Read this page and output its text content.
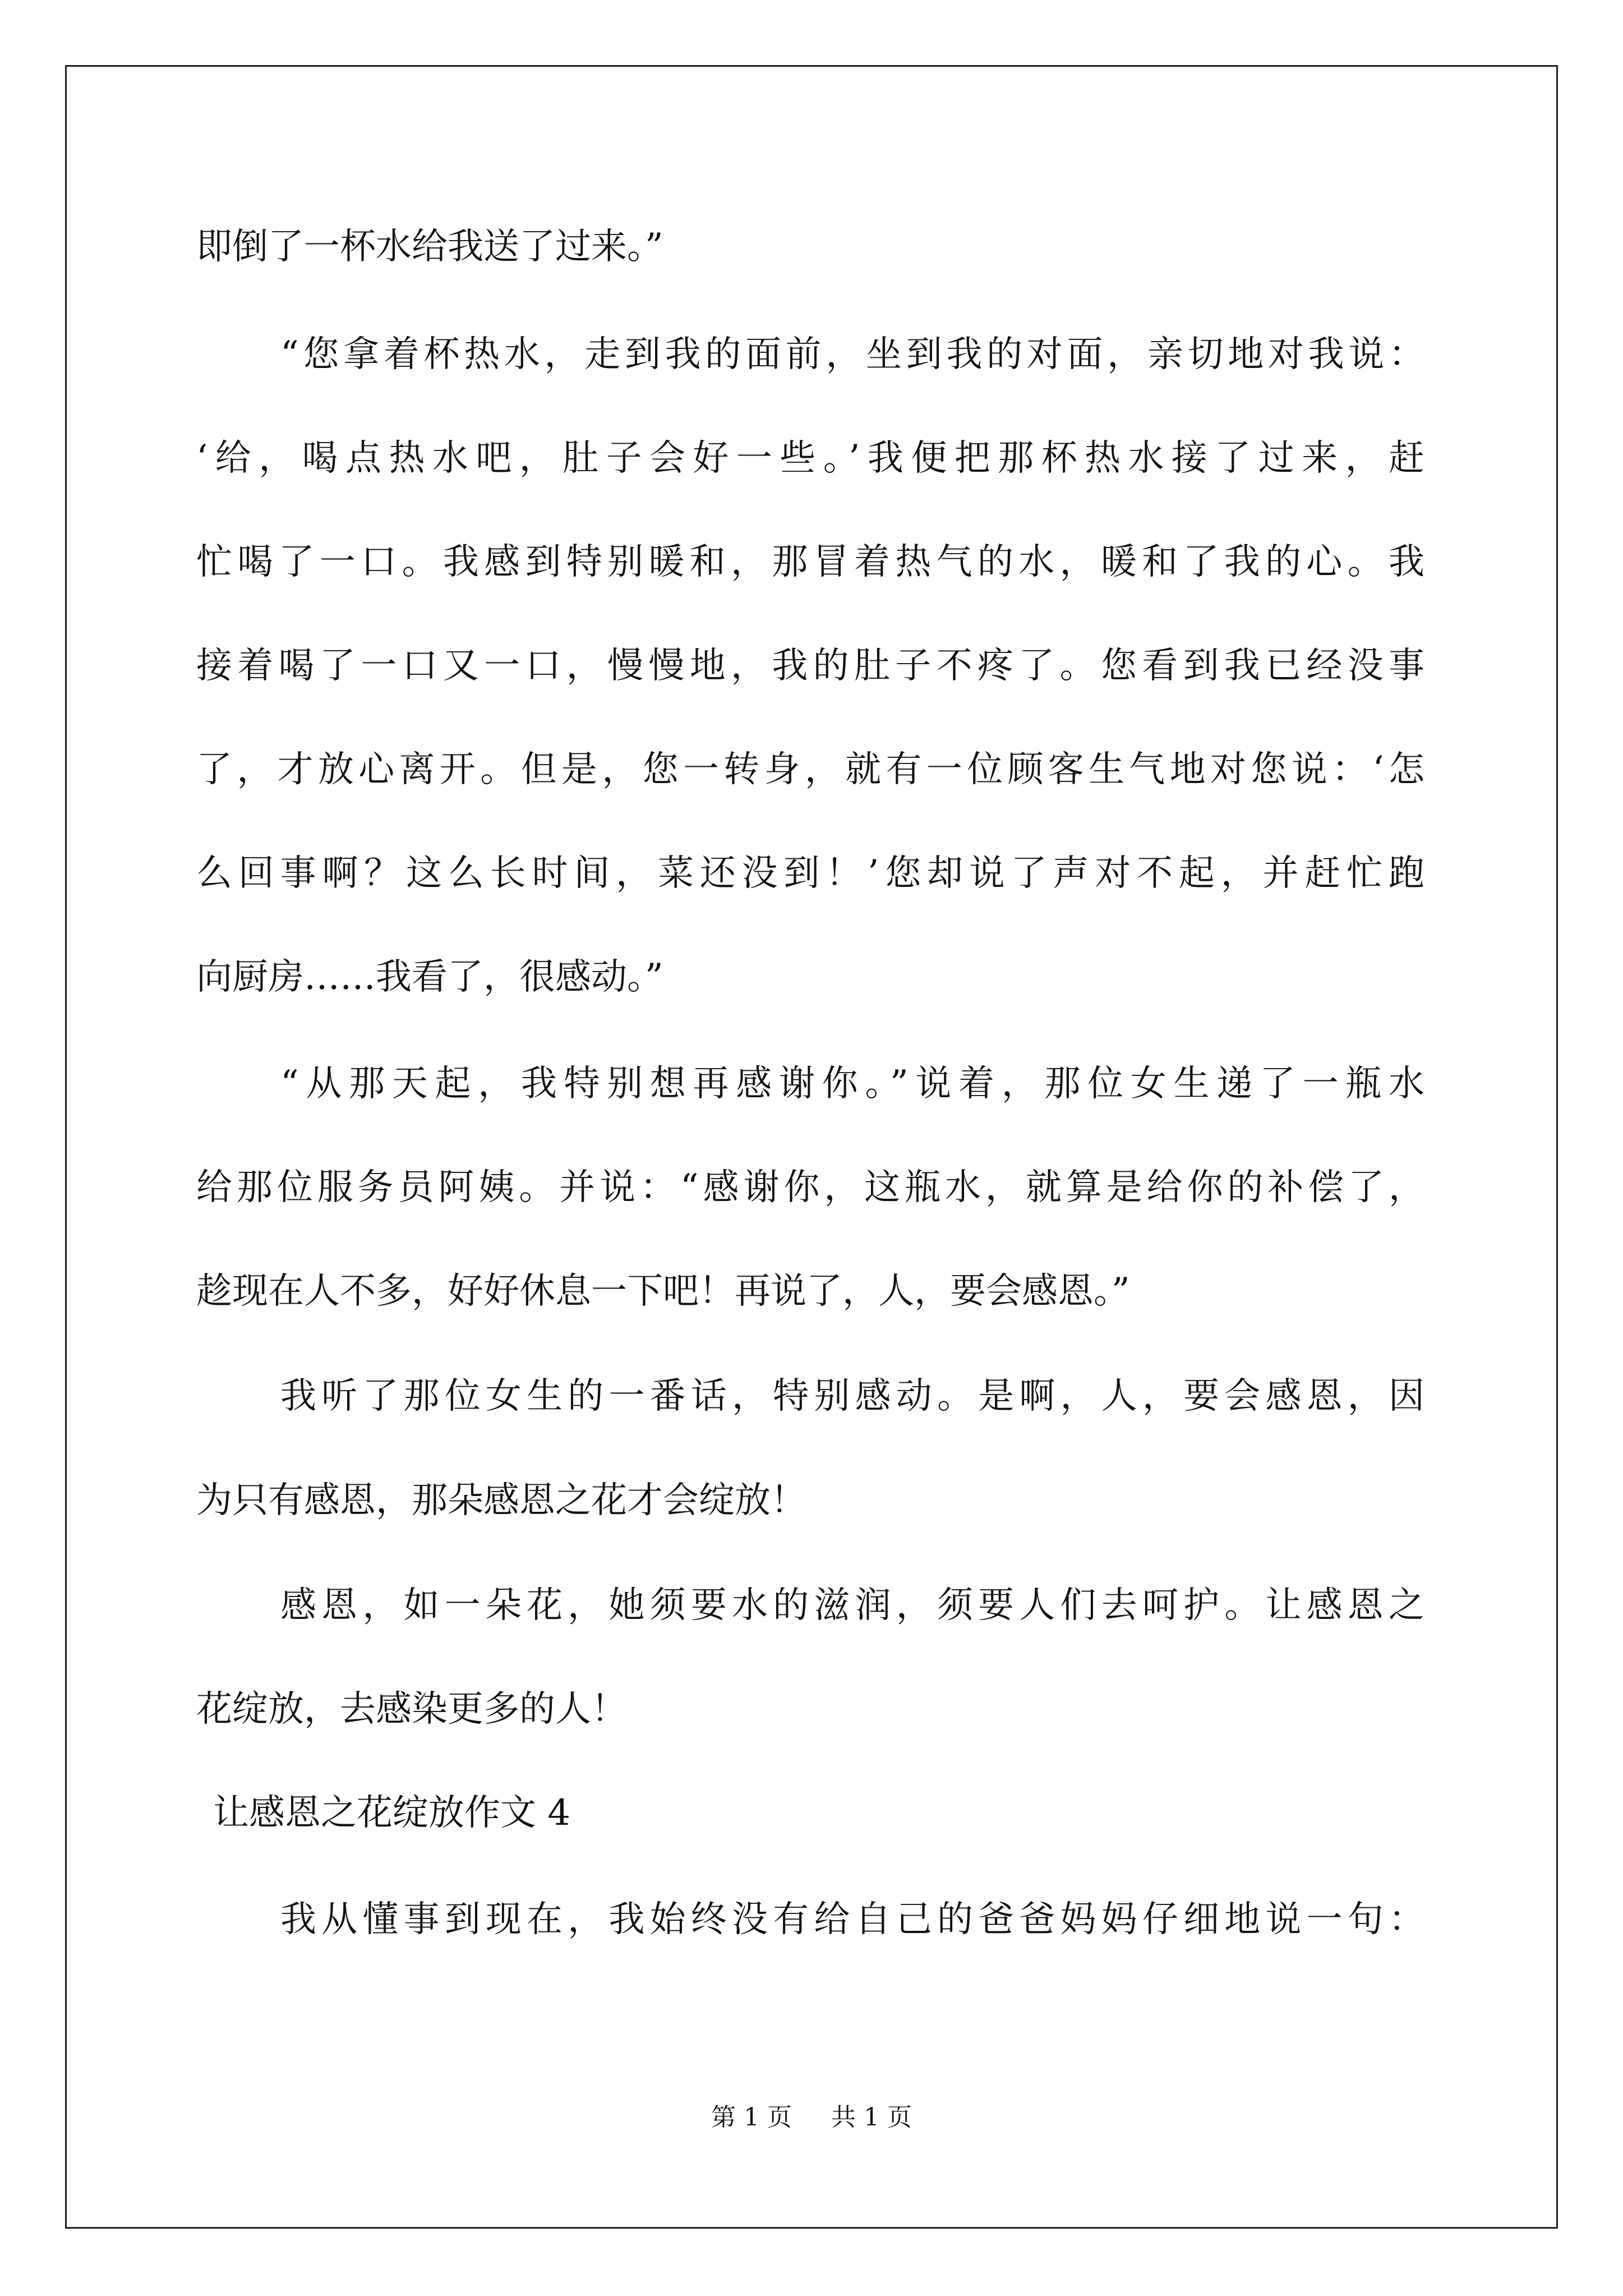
即倒了一杯水给我送了过来。”
“您拿着杯热水，走到我的面前，坐到我的对面，亲切地对我说：
‘给，喝点热水吧，肚子会好一些。’我便把那杯热水接了过来，赶
忙喝了一口。我感到特别暖和，那冒着热气的水，暖和了我的心。我
接着喝了一口又一口，慢慢地，我的肚子不疼了。您看到我已经没事
了，才放心离开。但是，您一转身，就有一位顾客生气地对您说：‘怎
么回事啊？这么长时间，菜还没到！’您却说了声对不起，并赶忙跑
向厨房……我看了，很感动。”
“从那天起，我特别想再感谢你。”说着，那位女生递了一瓶水
给那位服务员阿姨。并说：“感谢你，这瓶水，就算是给你的补偿了，
趁现在人不多，好好休息一下吧！再说了，人，要会感恩。”
我听了那位女生的一番话，特别感动。是啊，人，要会感恩，因
为只有感恩，那朵感恩之花才会绽放！
感恩，如一朵花，她须要水的滋润，须要人们去呵护。让感恩之
花绽放，去感染更多的人！
让感恩之花绽放作文 4
我从懂事到现在，我始终没有给自己的爸爸妈妈仔细地说一句：
第 1 页 共 1 页
